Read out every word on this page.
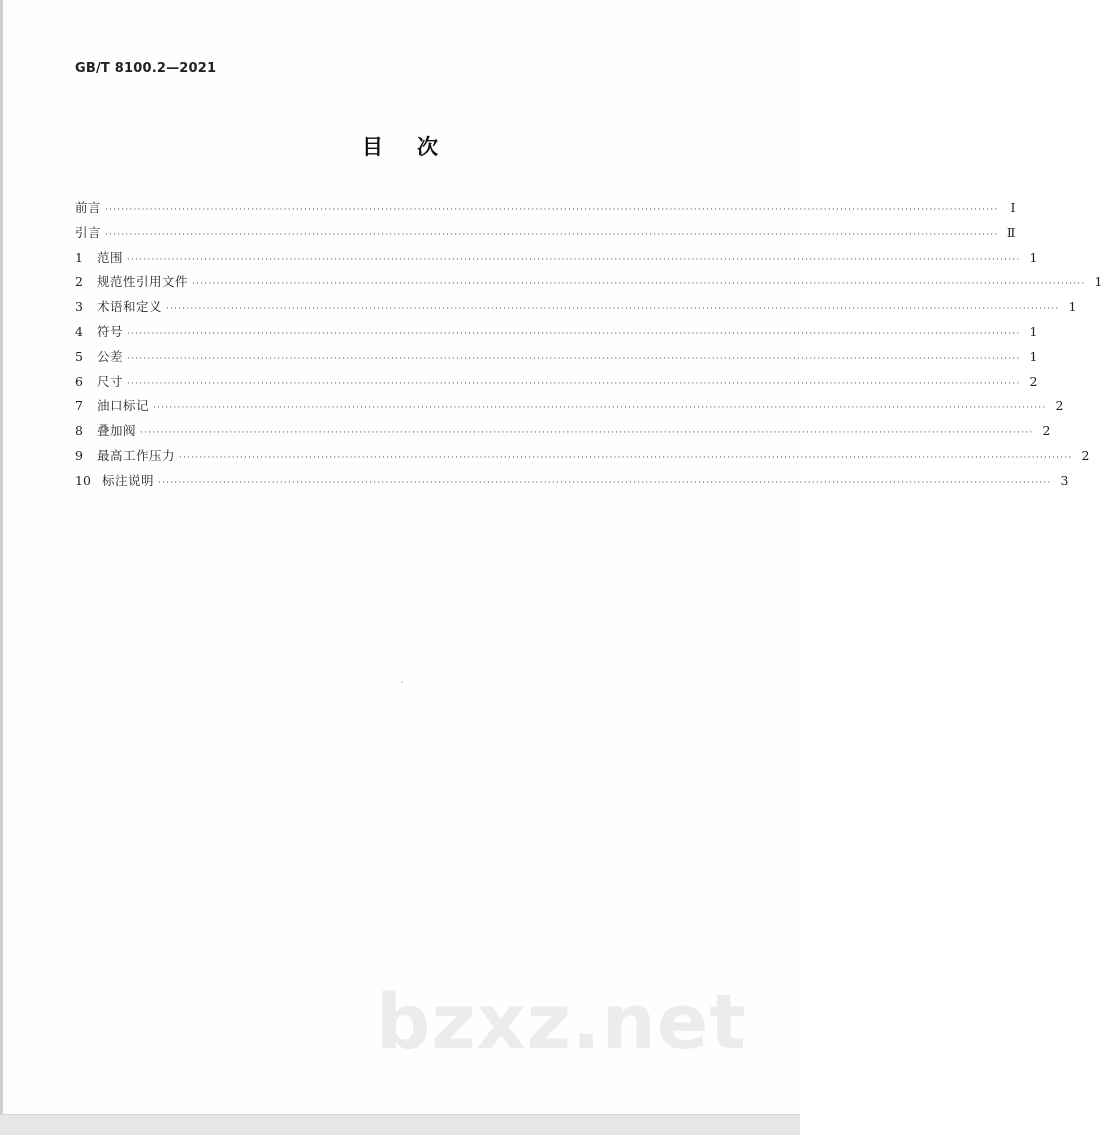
GB/T 8100.2—2021
目次
前言 ···························································································································································································································· Ⅰ
引言 ···························································································································································································································· Ⅱ
1	范围 ···························································································································································································································· 1
2	规范性引用文件 ···························································································································································································································· 1
3	术语和定义 ···························································································································································································································· 1
4	符号 ···························································································································································································································· 1
5	公差 ···························································································································································································································· 1
6	尺寸 ···························································································································································································································· 2
7	油口标记 ···························································································································································································································· 2
8	叠加阀 ···························································································································································································································· 2
9	最高工作压力 ···························································································································································································································· 2
10 标注说明 ···························································································································································································································· 3
bzxz.net
